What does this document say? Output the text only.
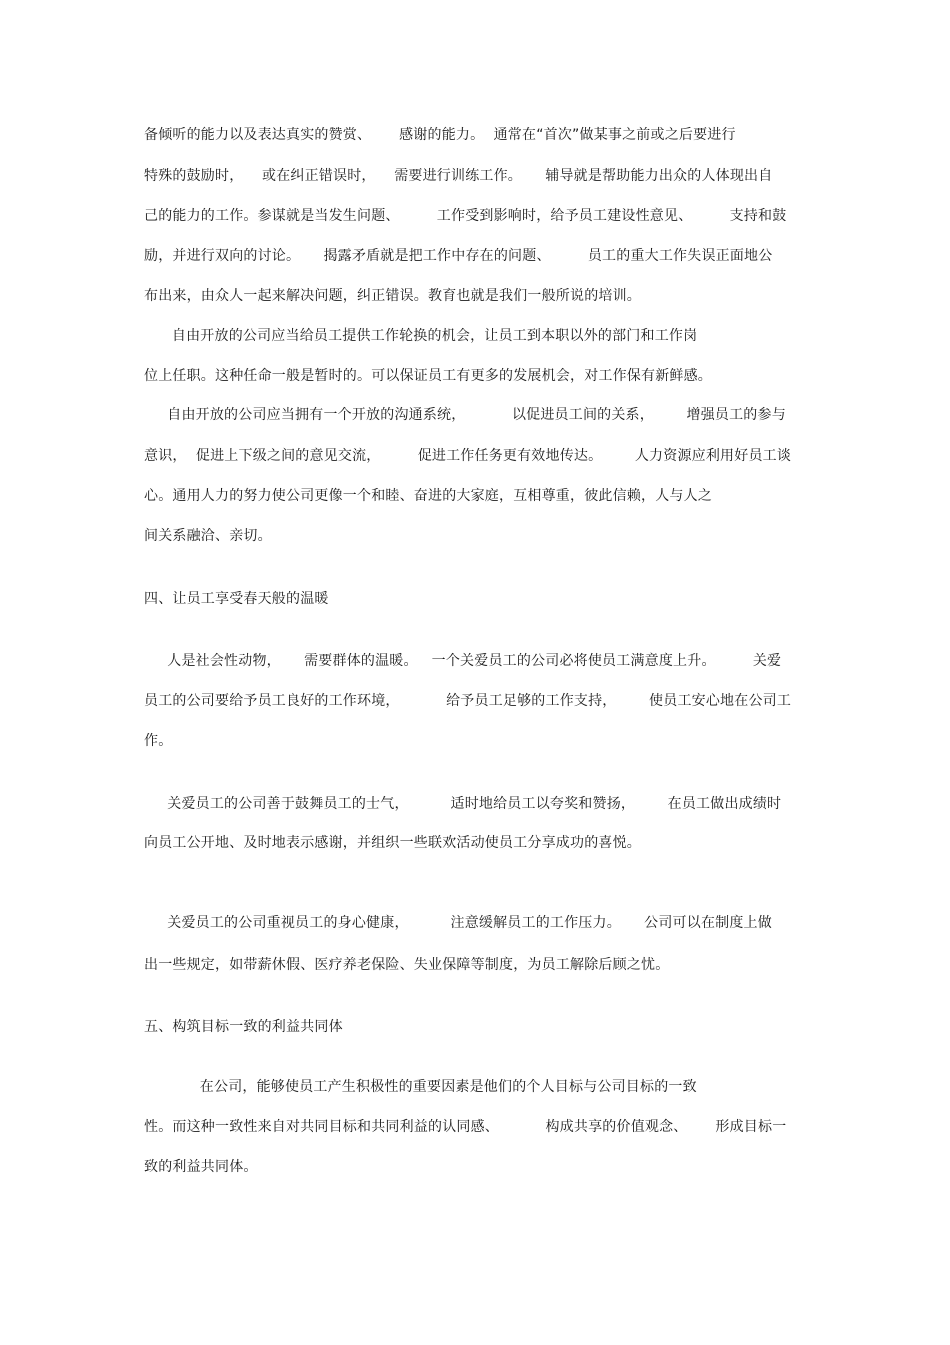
备倾听的能力以及表达真实的赞赏、      感谢的能力。  通常在“首次”做某事之前或之后要进行
特殊的鼓励时，    或在纠正错误时，    需要进行训练工作。     辅导就是帮助能力出众的人体现出自
己的能力的工作。参谋就是当发生问题、        工作受到影响时，给予员工建设性意见、        支持和鼓
励，并进行双向的讨论。     揭露矛盾就是把工作中存在的问题、        员工的重大工作失误正面地公
布出来，由众人一起来解决问题，纠正错误。教育也就是我们一般所说的培训。
自由开放的公司应当给员工提供工作轮换的机会，让员工到本职以外的部门和工作岗
位上任职。这种任命一般是暂时的。可以保证员工有更多的发展机会，对工作保有新鲜感。
自由开放的公司应当拥有一个开放的沟通系统，          以促进员工间的关系，       增强员工的参与
意识，  促进上下级之间的意见交流，        促进工作任务更有效地传达。       人力资源应利用好员工谈
心。通用人力的努力使公司更像一个和睦、奋进的大家庭，互相尊重，彼此信赖，人与人之
间关系融洽、亲切。
四、让员工享受春天般的温暖
人是社会性动物，     需要群体的温暖。   一个关爱员工的公司必将使员工满意度上升。        关爱
员工的公司要给予员工良好的工作环境，          给予员工足够的工作支持，       使员工安心地在公司工
作。
关爱员工的公司善于鼓舞员工的士气，         适时地给员工以夸奖和赞扬，       在员工做出成绩时
向员工公开地、及时地表示感谢，并组织一些联欢活动使员工分享成功的喜悦。
关爱员工的公司重视员工的身心健康，         注意缓解员工的工作压力。     公司可以在制度上做
出一些规定，如带薪休假、医疗养老保险、失业保障等制度，为员工解除后顾之忧。
五、构筑目标一致的利益共同体
在公司，能够使员工产生积极性的重要因素是他们的个人目标与公司目标的一致
性。而这种一致性来自对共同目标和共同利益的认同感、          构成共享的价值观念、      形成目标一
致的利益共同体。
